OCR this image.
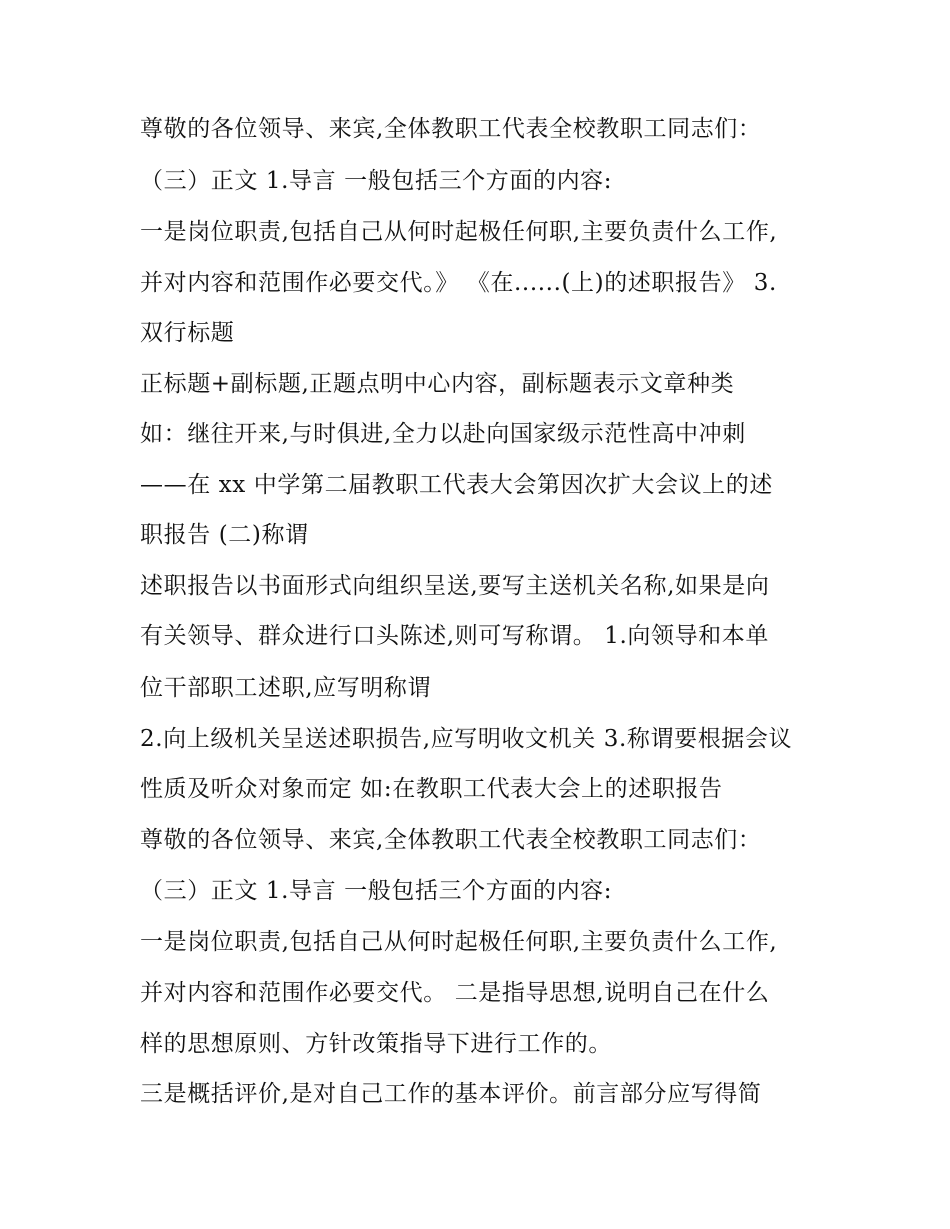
尊敬的各位领导、来宾,全体教职工代表全校教职工同志们：
（三）正文 1.导言 一般包括三个方面的内容:
一是岗位职责,包括自己从何时起极任何职,主要负责什么工作,
并对内容和范围作必要交代。》 《在......(上)的述职报告》 3.
双行标题
正标题+副标题,正题点明中心内容，副标题表示文章种类
如：继往开来,与时俱进,全力以赴向国家级示范性高中冲刺
——在 xx 中学第二届教职工代表大会第因次扩大会议上的述
职报告 (二)称谓
述职报告以书面形式向组织呈送,要写主送机关名称,如果是向
有关领导、群众进行口头陈述,则可写称谓。 1.向领导和本单
位干部职工述职,应写明称谓
2.向上级机关呈送述职损告,应写明收文机关 3.称谓要根据会议
性质及听众对象而定 如:在教职工代表大会上的述职报告
尊敬的各位领导、来宾,全体教职工代表全校教职工同志们：
（三）正文 1.导言 一般包括三个方面的内容:
一是岗位职责,包括自己从何时起极任何职,主要负责什么工作,
并对内容和范围作必要交代。 二是指导思想,说明自己在什么
样的思想原则、方针改策指导下进行工作的。
三是概括评价,是对自己工作的基本评价。前言部分应写得简
